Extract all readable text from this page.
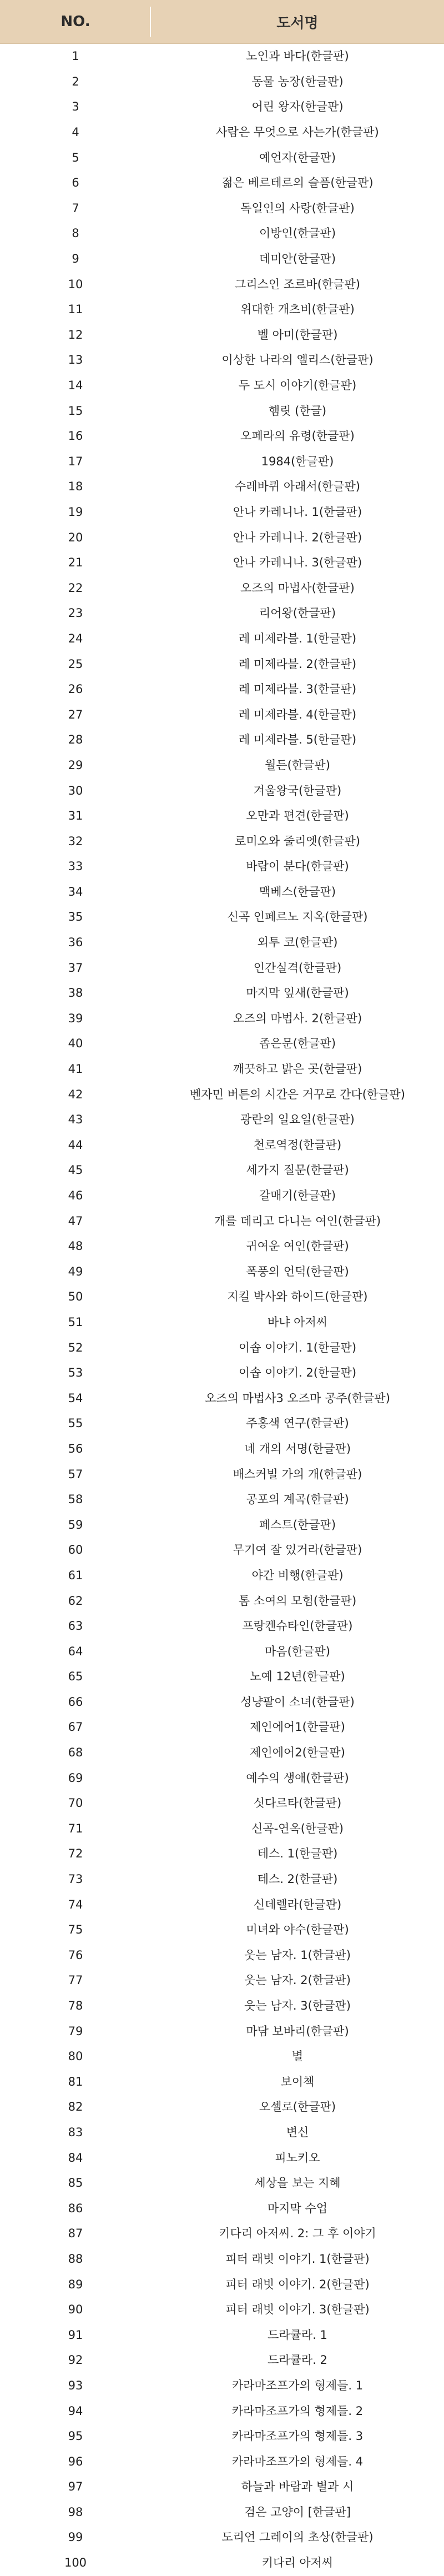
NO.	도서명
1	노인과 바다(한글판)
2	동물 농장(한글판)
3	어린 왕자(한글판)
4	사람은 무엇으로 사는가(한글판)
5	예언자(한글판)
6	젊은 베르테르의 슬픔(한글판)
7	독일인의 사랑(한글판)
8	이방인(한글판)
9	데미안(한글판)
10	그리스인 조르바(한글판)
11	위대한 개츠비(한글판)
12	벨 아미(한글판)
13	이상한 나라의 엘리스(한글판)
14	두 도시 이야기(한글판)
15	햄릿 (한글)
16	오페라의 유령(한글판)
17	1984(한글판)
18	수레바퀴 아래서(한글판)
19	안나 카레니나. 1(한글판)
20	안나 카레니나. 2(한글판)
21	안나 카레니나. 3(한글판)
22	오즈의 마법사(한글판)
23	리어왕(한글판)
24	레 미제라블. 1(한글판)
25	레 미제라블. 2(한글판)
26	레 미제라블. 3(한글판)
27	레 미제라블. 4(한글판)
28	레 미제라블. 5(한글판)
29	월든(한글판)
30	겨울왕국(한글판)
31	오만과 편견(한글판)
32	로미오와 줄리엣(한글판)
33	바람이 분다(한글판)
34	맥베스(한글판)
35	신곡 인페르노 지옥(한글판)
36	외투 코(한글판)
37	인간실격(한글판)
38	마지막 잎새(한글판)
39	오즈의 마법사. 2(한글판)
40	좁은문(한글판)
41	깨끗하고 밝은 곳(한글판)
42	벤자민 버튼의 시간은 거꾸로 간다(한글판)
43	광란의 일요일(한글판)
44	천로역정(한글판)
45	세가지 질문(한글판)
46	갈매기(한글판)
47	개를 데리고 다니는 여인(한글판)
48	귀여운 여인(한글판)
49	폭풍의 언덕(한글판)
50	지킬 박사와 하이드(한글판)
51	바냐 아저씨
52	이솝 이야기. 1(한글판)
53	이솝 이야기. 2(한글판)
54	오즈의 마법사3 오즈마 공주(한글판)
55	주홍색 연구(한글판)
56	네 개의 서명(한글판)
57	배스커빌 가의 개(한글판)
58	공포의 계곡(한글판)
59	페스트(한글판)
60	무기여 잘 있거라(한글판)
61	야간 비행(한글판)
62	톰 소여의 모험(한글판)
63	프랑켄슈타인(한글판)
64	마음(한글판)
65	노예 12년(한글판)
66	성냥팔이 소녀(한글판)
67	제인에어1(한글판)
68	제인에어2(한글판)
69	예수의 생애(한글판)
70	싯다르타(한글판)
71	신곡-연옥(한글판)
72	테스. 1(한글판)
73	테스. 2(한글판)
74	신데렐라(한글판)
75	미녀와 야수(한글판)
76	웃는 남자. 1(한글판)
77	웃는 남자. 2(한글판)
78	웃는 남자. 3(한글판)
79	마담 보바리(한글판)
80	별
81	보이첵
82	오셀로(한글판)
83	변신
84	피노키오
85	세상을 보는 지혜
86	마지막 수업
87	키다리 아저씨. 2: 그 후 이야기
88	피터 래빗 이야기. 1(한글판)
89	피터 래빗 이야기. 2(한글판)
90	피터 래빗 이야기. 3(한글판)
91	드라큘라. 1
92	드라큘라. 2
93	카라마조프가의 형제들. 1
94	카라마조프가의 형제들. 2
95	카라마조프가의 형제들. 3
96	카라마조프가의 형제들. 4
97	하늘과 바람과 별과 시
98	검은 고양이 [한글판]
99	도리언 그레이의 초상(한글판)
100	키다리 아저씨
